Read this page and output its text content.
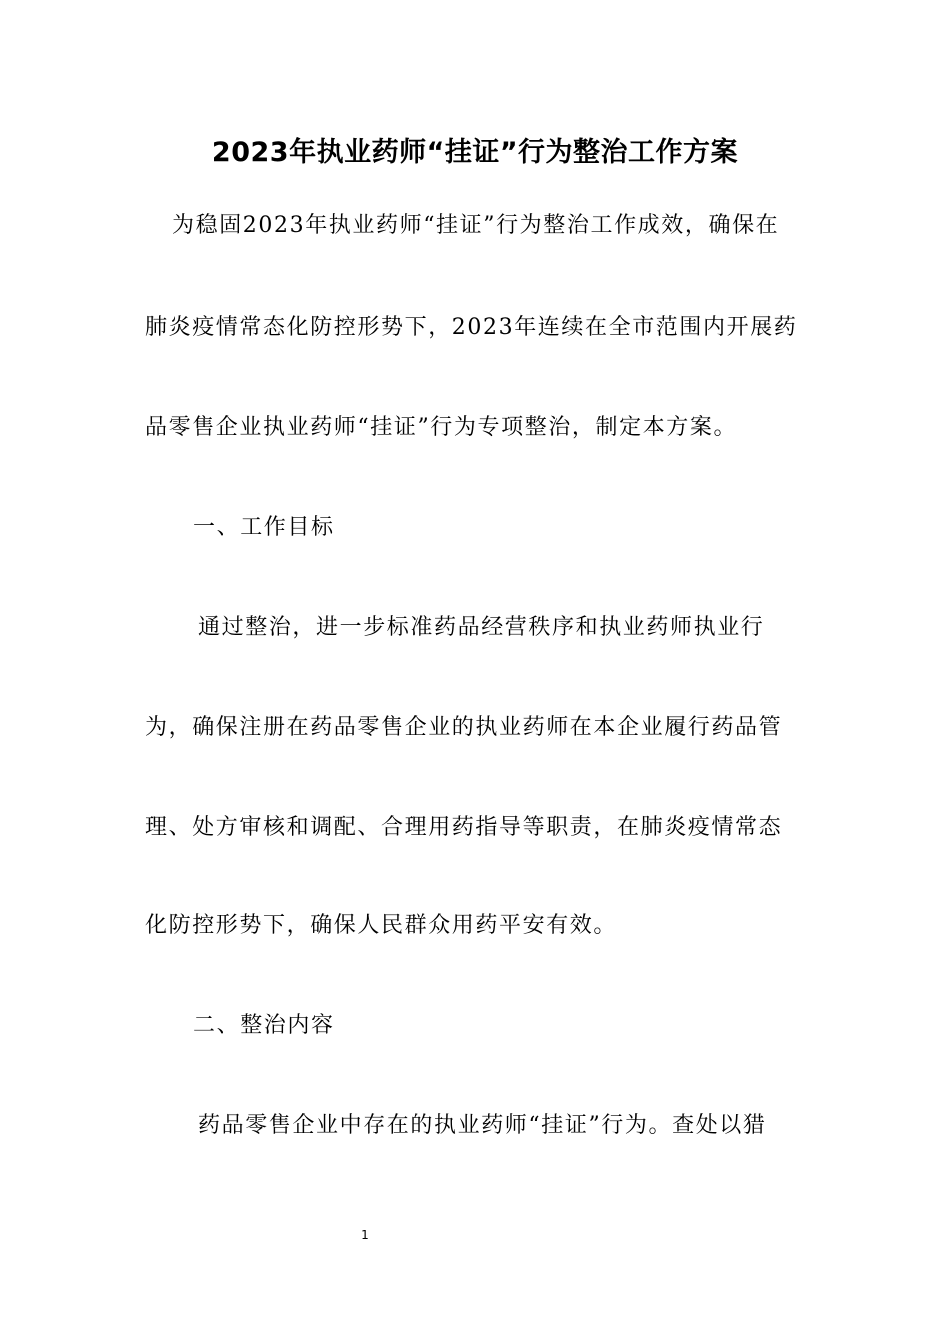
2023年执业药师“挂证”行为整治工作方案
为稳固2023年执业药师“挂证”行为整治工作成效，确保在
肺炎疫情常态化防控形势下，2023年连续在全市范围内开展药
品零售企业执业药师“挂证”行为专项整治，制定本方案。
一、工作目标
通过整治，进一步标准药品经营秩序和执业药师执业行
为，确保注册在药品零售企业的执业药师在本企业履行药品管
理、处方审核和调配、合理用药指导等职责，在肺炎疫情常态
化防控形势下，确保人民群众用药平安有效。
二、整治内容
药品零售企业中存在的执业药师“挂证”行为。查处以猎
1
